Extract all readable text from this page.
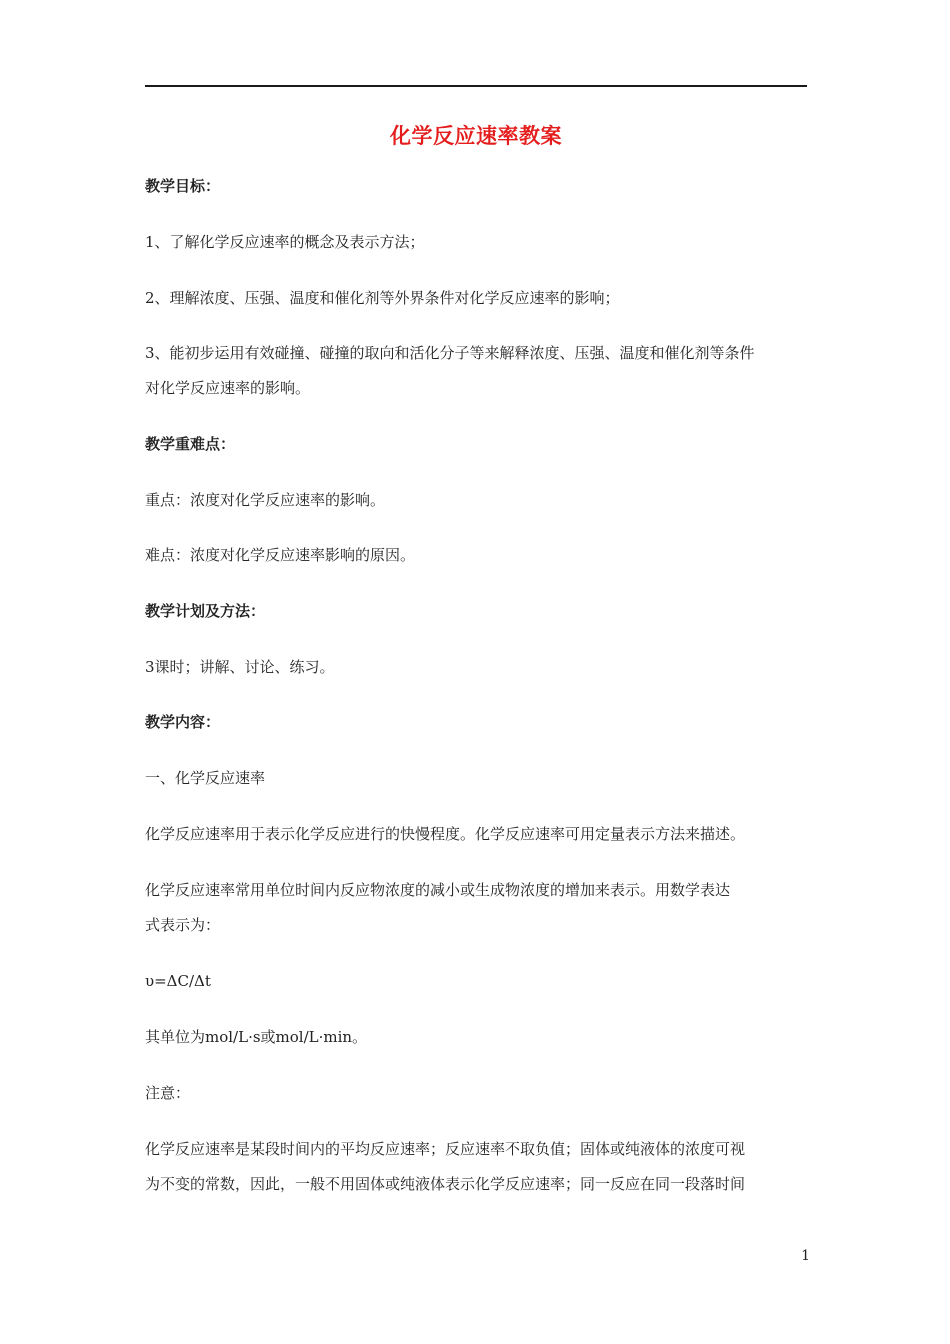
化学反应速率教案
教学目标：
1、了解化学反应速率的概念及表示方法；
2、理解浓度、压强、温度和催化剂等外界条件对化学反应速率的影响；
3、能初步运用有效碰撞、碰撞的取向和活化分子等来解释浓度、压强、温度和催化剂等条件
对化学反应速率的影响。
教学重难点：
重点：浓度对化学反应速率的影响。
难点：浓度对化学反应速率影响的原因。
教学计划及方法：
3课时；讲解、讨论、练习。
教学内容：
一、化学反应速率
化学反应速率用于表示化学反应进行的快慢程度。化学反应速率可用定量表示方法来描述。
化学反应速率常用单位时间内反应物浓度的减小或生成物浓度的增加来表示。用数学表达
式表示为：
υ=ΔC/Δt
其单位为mol/L·s或mol/L·min。
注意：
化学反应速率是某段时间内的平均反应速率；反应速率不取负值；固体或纯液体的浓度可视
为不变的常数，因此，一般不用固体或纯液体表示化学反应速率；同一反应在同一段落时间
1
